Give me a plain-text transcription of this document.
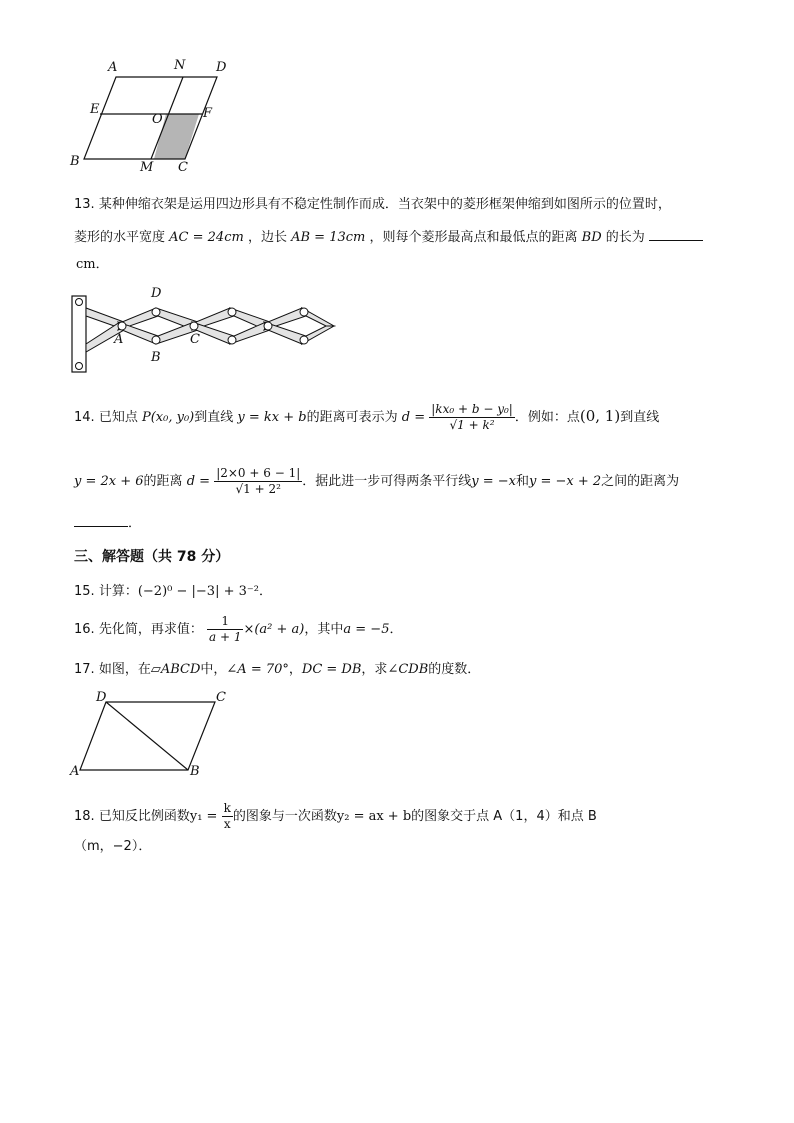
A	N D
E
O	F
B	M C
13. 某种伸缩衣架是运用四边形具有不稳定性制作而成．当衣架中的菱形框架伸缩到如图所示的位置时，
菱形的水平宽度 AC = 24cm ，边长 AB = 13cm ，则每个菱形最高点和最低点的距离 BD 的长为
cm．
D
A	C
B
14. 已知点 P(x₀, y₀)到直线 y = kx + b的距离可表示为 $d = \frac{\text{|kx₀ + b − y₀|}}{\text{√1 + k²}}$ ．例如：点(0, 1)到直线
y = 2x + 6的距离 $d = \frac{|2\times 0 + 6 - 1|}{\text{√1 + 2²}}$ ．据此进一步可得两条平行线y = −x和y = −x + 2之间的距离为
．
三、解答题（共 78 分）
15. 计算：(−2)⁰ − |−3| + 3⁻²．
16. 先化简，再求值： $\frac{1}{a + 1} \times(a^2 + a)$，其中a = −5．
17. 如图，在▱ABCD中，∠A = 70°，DC = DB，求∠CDB的度数．
D	C
A	B
18. 已知反比例函数$y_1 = \frac{k}{x}$ 的图象与一次函数y₂ = ax + b的图象交于点 A（1，4）和点 B
（m，−2）．
